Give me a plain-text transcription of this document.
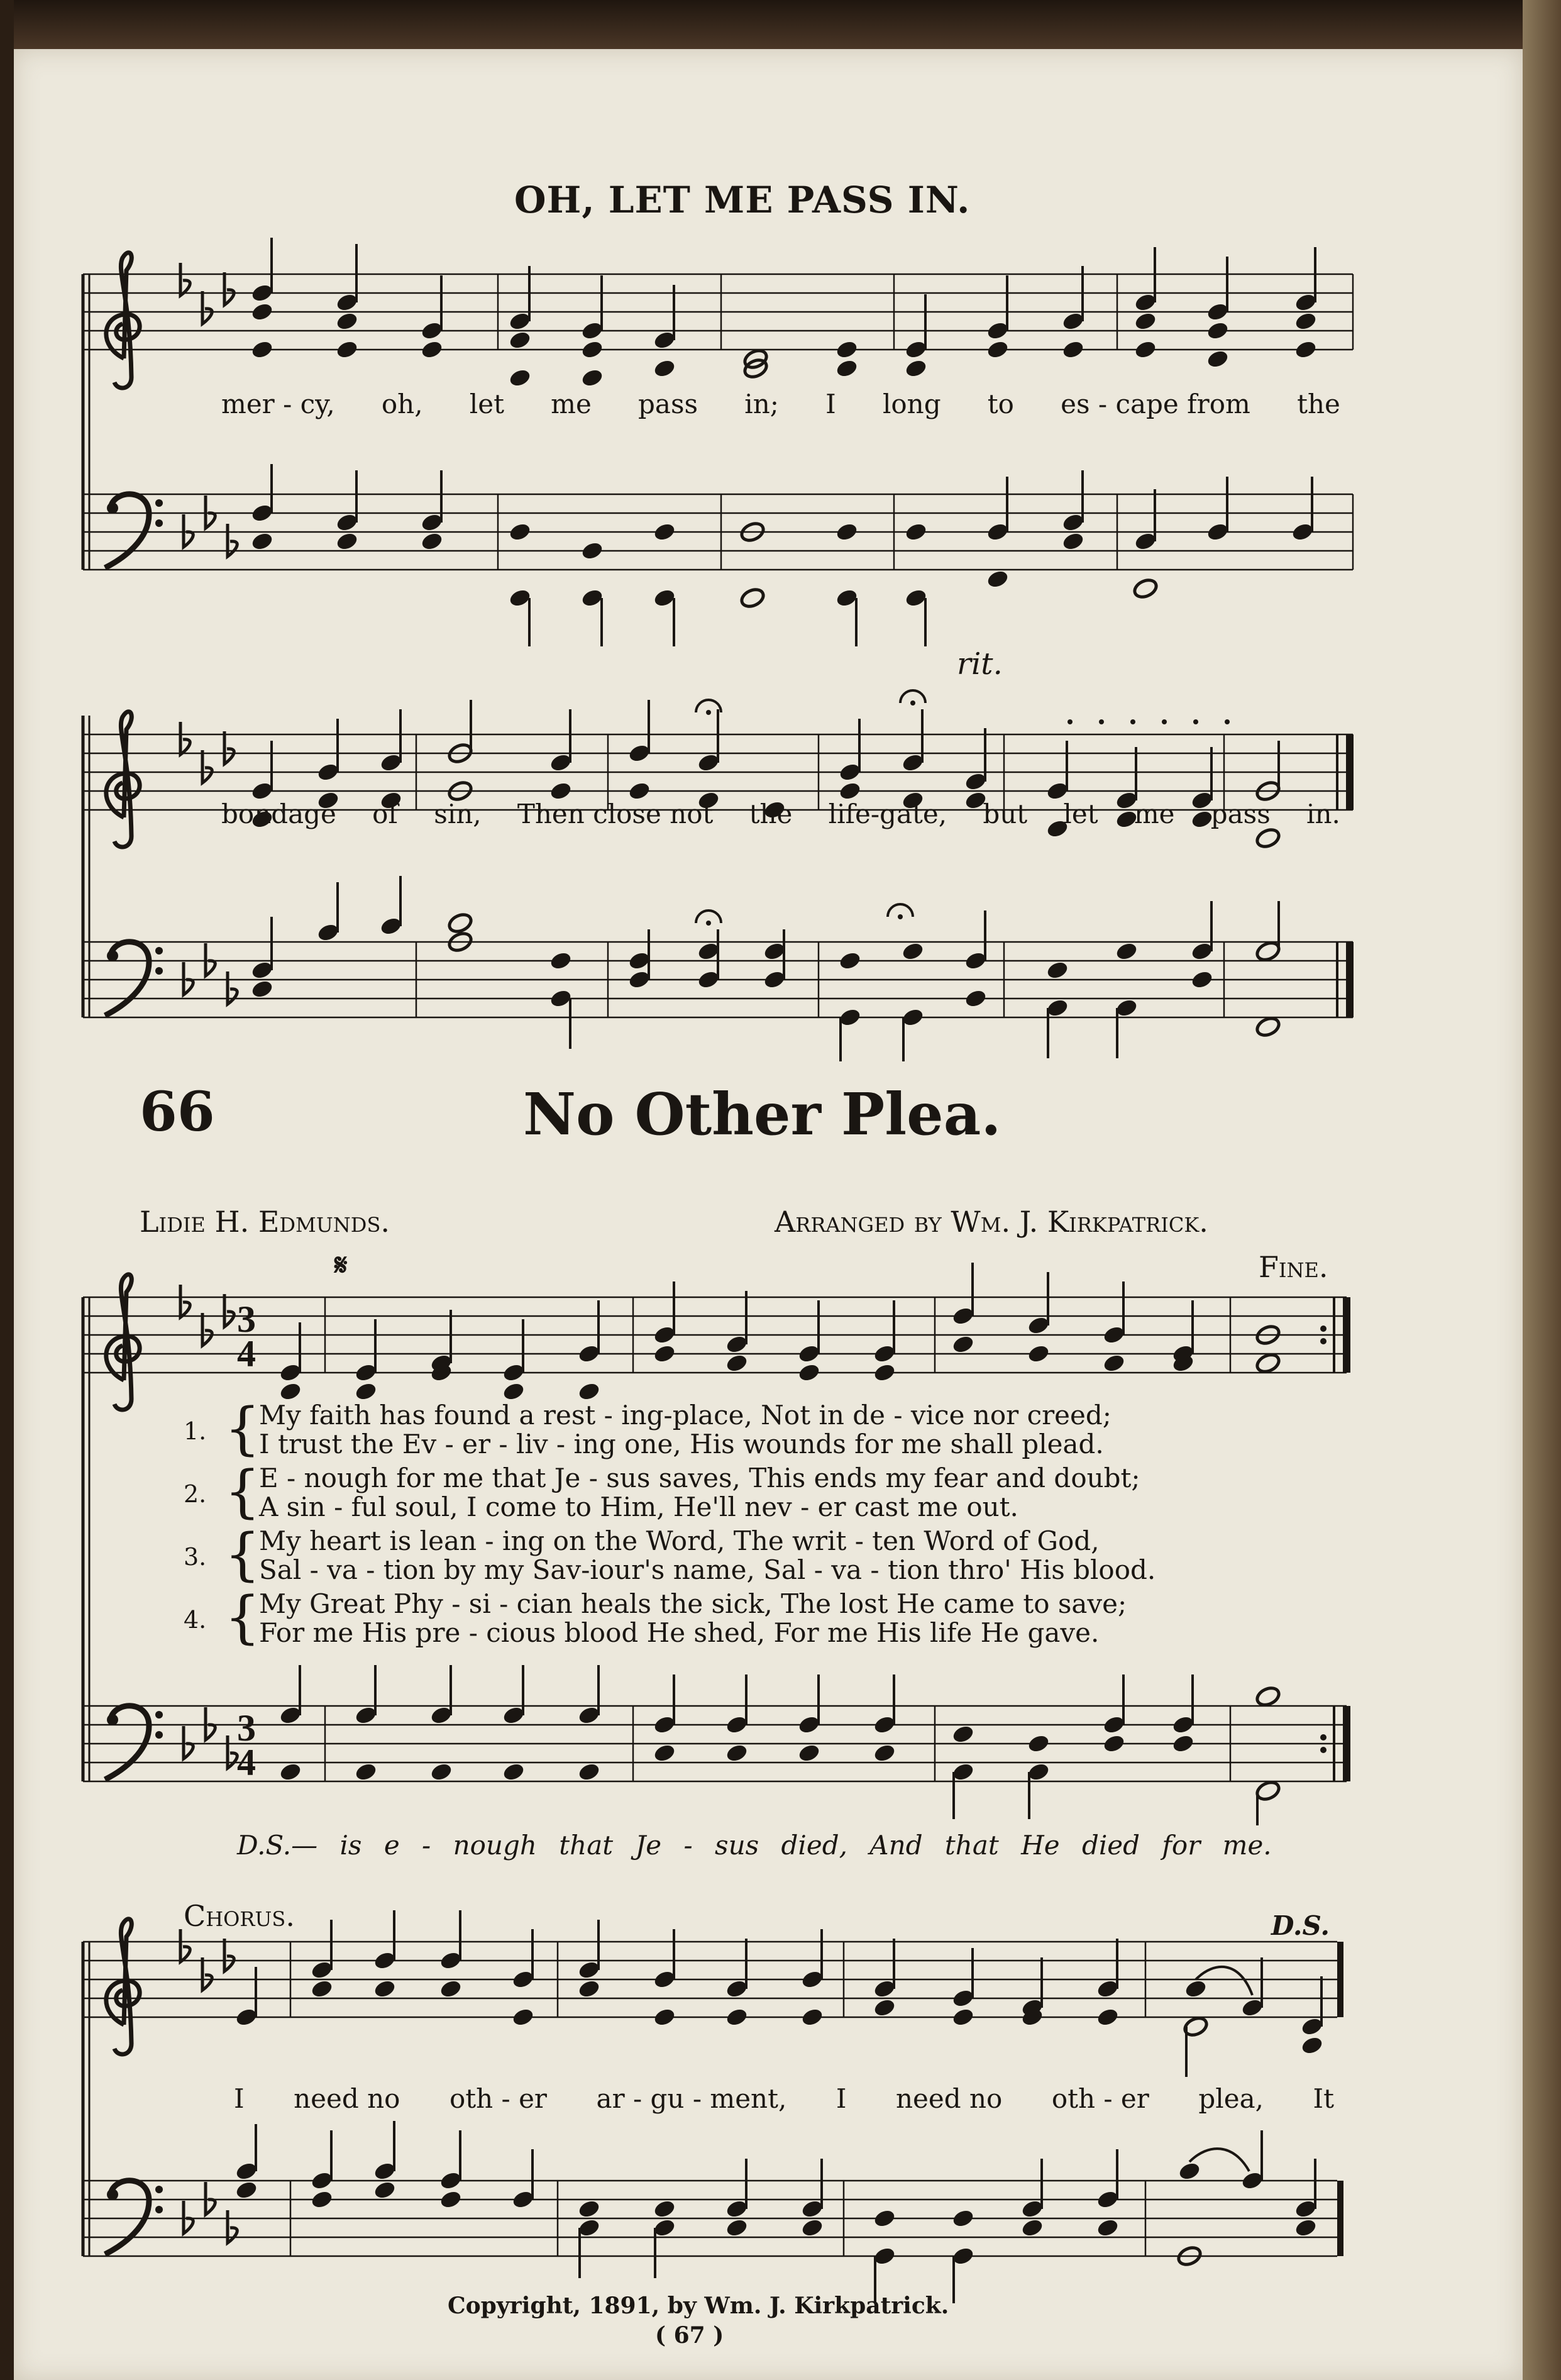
OH, LET ME PASS IN.
3
4
3
4
𝄋
mer - cy, oh, let me pass in; I long to es - cape from the
rit.
bondage of sin, Then close not the life-gate, but let me pass in.
66	No Other Plea.
Lidie H. Edmunds.	Arranged by Wm. J. Kirkpatrick.
Fine.
1. {
My faith has found a rest - ing-place, Not in de - vice nor creed;
I trust the Ev - er - liv - ing one, His wounds for me shall plead.
2. {
E - nough for me that Je - sus saves, This ends my fear and doubt;
A sin - ful soul, I come to Him, He'll nev - er cast me out.
3. {
My heart is lean - ing on the Word, The writ - ten Word of God,
Sal - va - tion by my Sav-iour's name, Sal - va - tion thro' His blood.
4. {
My Great Phy - si - cian heals the sick, The lost He came to save;
For me His pre - cious blood He shed, For me His life He gave.
D.S.— is e - nough that Je - sus died, And that He died for me.
Chorus.	D.S.
I need no oth - er ar - gu - ment, I need no oth - er plea, It
Copyright, 1891, by Wm. J. Kirkpatrick.
( 67 )
